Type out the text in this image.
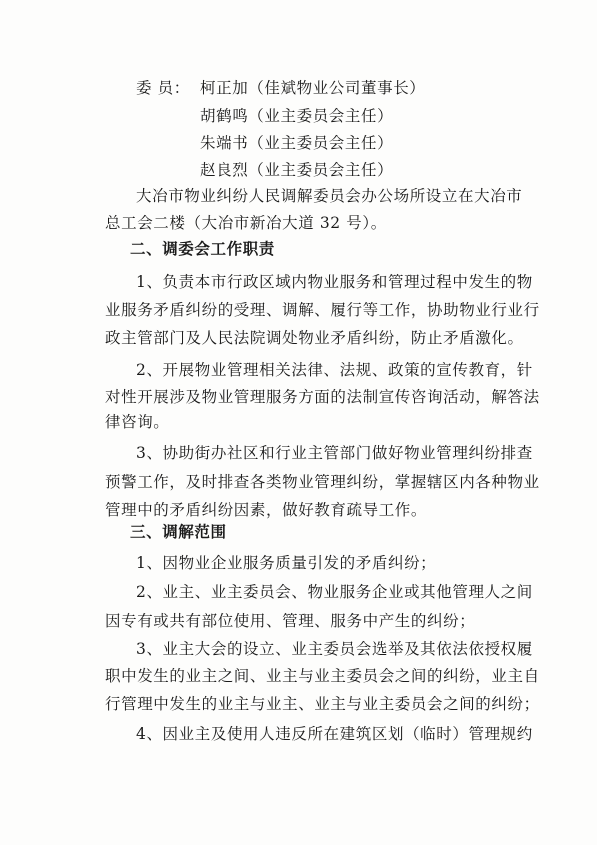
委 员： 柯正加（佳斌物业公司董事长）
胡鹤鸣（业主委员会主任）
朱端书（业主委员会主任）
赵良烈（业主委员会主任）
大冶市物业纠纷人民调解委员会办公场所设立在大冶市
总工会二楼（大冶市新冶大道 32 号）。
二、调委会工作职责
1、负责本市行政区域内物业服务和管理过程中发生的物
业服务矛盾纠纷的受理、调解、履行等工作，协助物业行业行
政主管部门及人民法院调处物业矛盾纠纷，防止矛盾激化。
2、开展物业管理相关法律、法规、政策的宣传教育，针
对性开展涉及物业管理服务方面的法制宣传咨询活动，解答法
律咨询。
3、协助街办社区和行业主管部门做好物业管理纠纷排查
预警工作，及时排查各类物业管理纠纷，掌握辖区内各种物业
管理中的矛盾纠纷因素，做好教育疏导工作。
三、调解范围
1、因物业企业服务质量引发的矛盾纠纷；
2、业主、业主委员会、物业服务企业或其他管理人之间
因专有或共有部位使用、管理、服务中产生的纠纷；
3、业主大会的设立、业主委员会选举及其依法依授权履
职中发生的业主之间、业主与业主委员会之间的纠纷，业主自
行管理中发生的业主与业主、业主与业主委员会之间的纠纷；
4、因业主及使用人违反所在建筑区划（临时）管理规约
